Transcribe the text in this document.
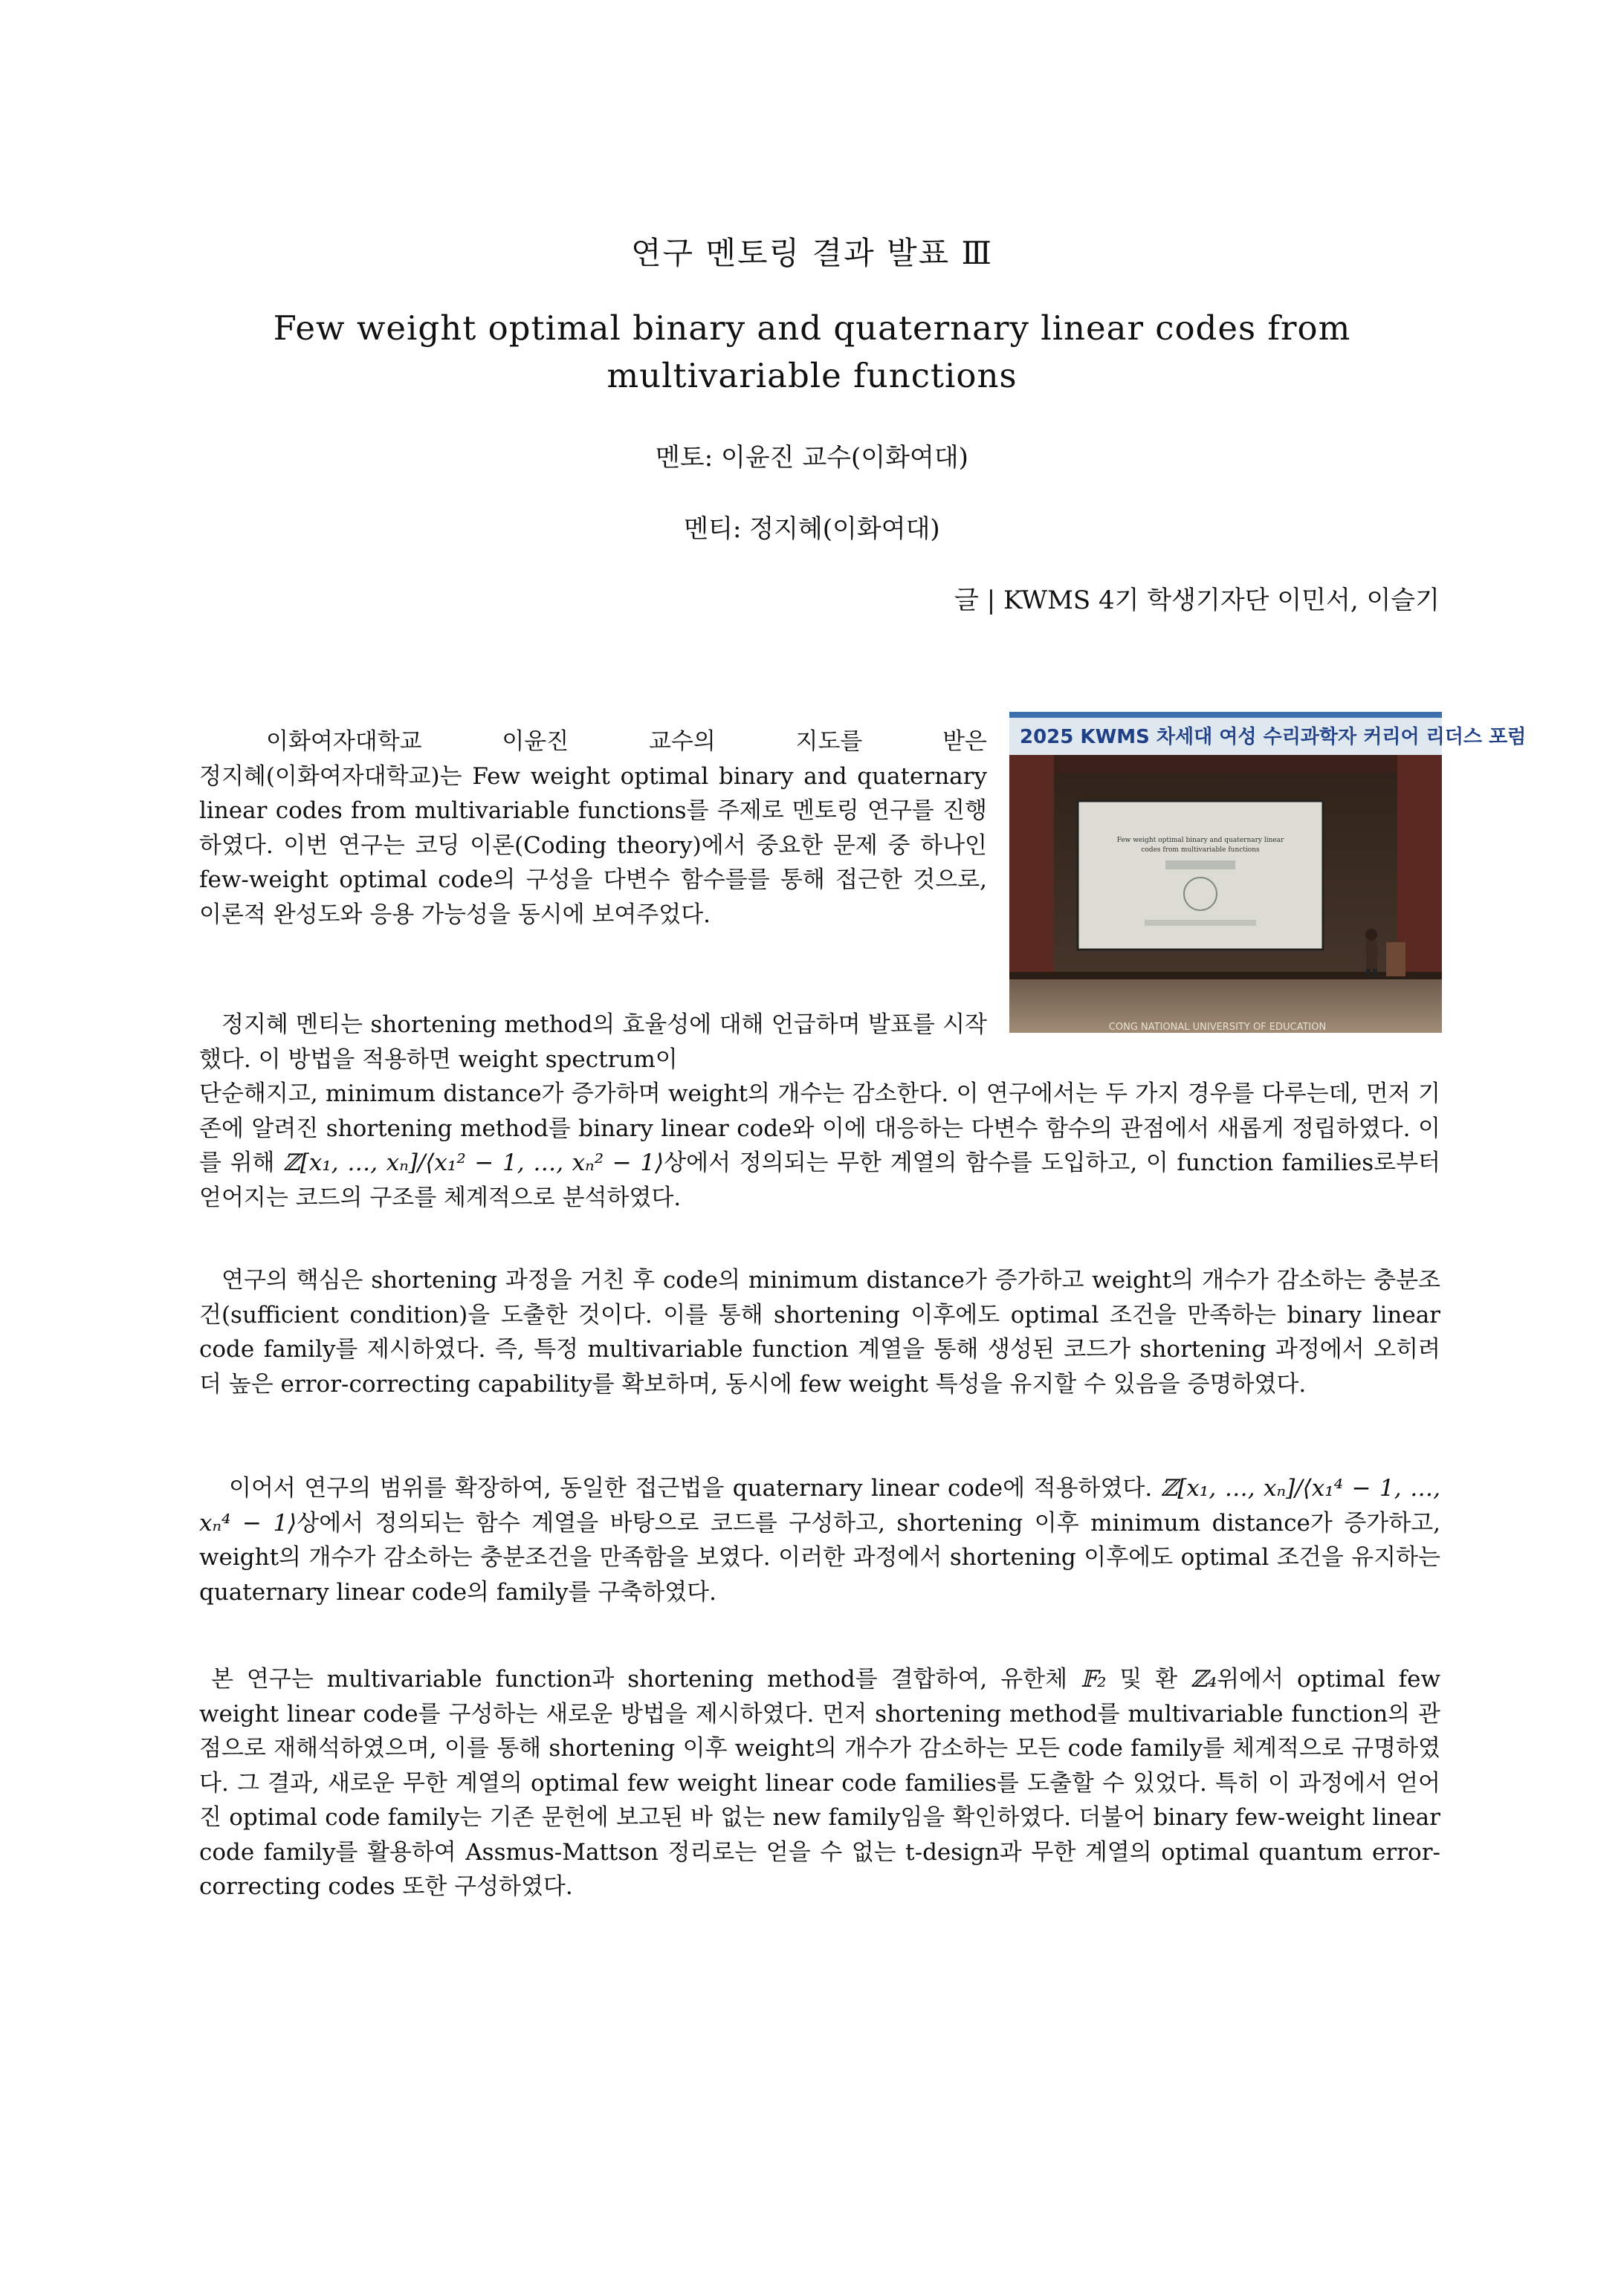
연구 멘토링 결과 발표 Ⅲ
Few weight optimal binary and quaternary linear codes from
multivariable functions
멘토: 이윤진 교수(이화여대)
멘티: 정지혜(이화여대)
글 | KWMS 4기 학생기자단 이민서, 이슬기
2025 KWMS 차세대 여성 수리과학자 커리어 리더스 포럼
Few weight optimal binary and quaternary linear
codes from multivariable functions
CONG NATIONAL UNIVERSITY OF EDUCATION
이화여자대학교 이윤진 교수의 지도를 받은
정지혜(이화여자대학교)는 Few weight optimal binary and quaternary linear codes from multivariable functions를 주제로 멘토링 연구를 진행하였다. 이번 연구는 코딩 이론(Coding theory)에서 중요한 문제 중 하나인 few-weight optimal code의 구성을 다변수 함수를를 통해 접근한 것으로, 이론적 완성도와 응용 가능성을 동시에 보여주었다.
정지혜 멘티는 shortening method의 효율성에 대해 언급하며 발표를 시작했다. 이 방법을 적용하면 weight spectrum이
단순해지고, minimum distance가 증가하며 weight의 개수는 감소한다. 이 연구에서는 두 가지 경우를 다루는데, 먼저 기존에 알려진 shortening method를 binary linear code와 이에 대응하는 다변수 함수의 관점에서 새롭게 정립하였다. 이를 위해 ℤ[x₁, …, xₙ]/⟨x₁² − 1, …, xₙ² − 1⟩상에서 정의되는 무한 계열의 함수를 도입하고, 이 function families로부터 얻어지는 코드의 구조를 체계적으로 분석하였다.
연구의 핵심은 shortening 과정을 거친 후 code의 minimum distance가 증가하고 weight의 개수가 감소하는 충분조건(sufficient condition)을 도출한 것이다. 이를 통해 shortening 이후에도 optimal 조건을 만족하는 binary linear code family를 제시하였다. 즉, 특정 multivariable function 계열을 통해 생성된 코드가 shortening 과정에서 오히려 더 높은 error-correcting capability를 확보하며, 동시에 few weight 특성을 유지할 수 있음을 증명하였다.
이어서 연구의 범위를 확장하여, 동일한 접근법을 quaternary linear code에 적용하였다. ℤ[x₁, …, xₙ]/⟨x₁⁴ − 1, …, xₙ⁴ − 1⟩상에서 정의되는 함수 계열을 바탕으로 코드를 구성하고, shortening 이후 minimum distance가 증가하고, weight의 개수가 감소하는 충분조건을 만족함을 보였다. 이러한 과정에서 shortening 이후에도 optimal 조건을 유지하는 quaternary linear code의 family를 구축하였다.
본 연구는 multivariable function과 shortening method를 결합하여, 유한체 𝔽₂ 및 환 ℤ₄위에서 optimal few weight linear code를 구성하는 새로운 방법을 제시하였다. 먼저 shortening method를 multivariable function의 관점으로 재해석하였으며, 이를 통해 shortening 이후 weight의 개수가 감소하는 모든 code family를 체계적으로 규명하였다. 그 결과, 새로운 무한 계열의 optimal few weight linear code families를 도출할 수 있었다. 특히 이 과정에서 얻어진 optimal code family는 기존 문헌에 보고된 바 없는 new family임을 확인하였다. 더불어 binary few-weight linear code family를 활용하여 Assmus-Mattson 정리로는 얻을 수 없는 t-design과 무한 계열의 optimal quantum error-correcting codes 또한 구성하였다.
